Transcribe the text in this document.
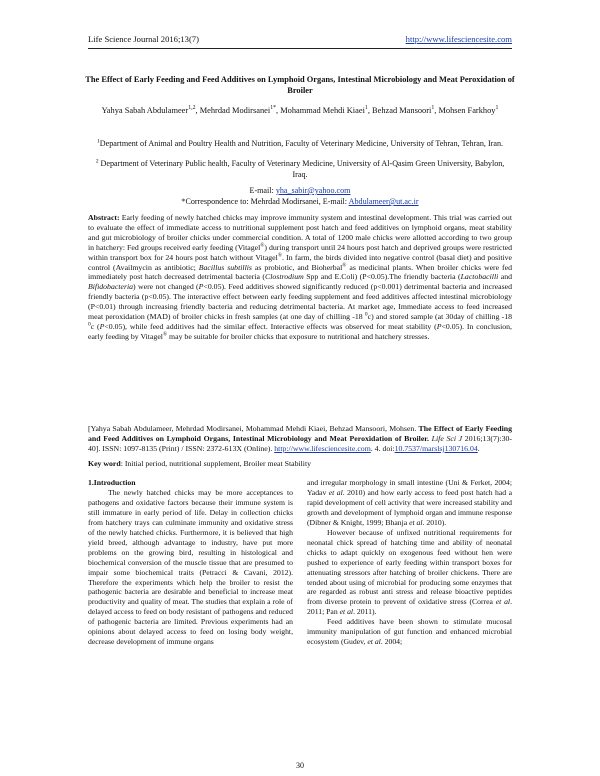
Life Science Journal 2016;13(7)	http://www.lifesciencesite.com
The Effect of Early Feeding and Feed Additives on Lymphoid Organs, Intestinal Microbiology and Meat Peroxidation of Broiler

Yahya Sabah Abdulameer$^{1,2}$, Mehrdad Modirsanei$^{1*}$, Mohammad Mehdi Kiaei$^1$, Behzad Mansoori$^1$, Mohsen Farkhoy$^1$

$^1$Department of Animal and Poultry Health and Nutrition, Faculty of Veterinary Medicine, University of Tehran, Tehran, Iran.

$^2$ Department of Veterinary Public health, Faculty of Veterinary Medicine, University of Al-Qasim Green University, Babylon, Iraq.

E-mail: yha_sabir@yahoo.com
*Correspondence to: Mehrdad Modirsanei, E-mail: Abdulameer@ut.ac.ir

Abstract: Early feeding of newly hatched chicks may improve immunity system and intestinal development. This trial was carried out to evaluate the effect of immediate access to nutritional supplement post hatch and feed additives on lymphoid organs, meat stability and gut microbiology of broiler chicks under commercial condition. A total of 1200 male chicks were allotted according to two group in hatchery: Fed groups received early feeding (Vitagel®) during transport until 24 hours post hatch and deprived groups were restricted within transport box for 24 hours post hatch without Vitagel®. In farm, the birds divided into negative control (basal diet) and positive control (Availmycin as antibiotic; Bacillus subtillis as probiotic, and Bioherbal® as medicinal plants. When broiler chicks were fed immediately post hatch decreased detrimental bacteria (Clostrodium Spp and E.Coli) (P<0.05).The friendly bacteria (Lactobacilli and Bifidobacteria) were not changed (P<0.05). Feed additives showed significantly reduced (p<0.001) detrimental bacteria and increased friendly bacteria (p<0.05). The interactive effect between early feeding supplement and feed additives affected intestinal microbiology (P<0.01) through increasing friendly bacteria and reducing detrimental bacteria. At market age, Immediate access to feed increased meat peroxidation (MAD) of broiler chicks in fresh samples (at one day of chilling -18 $^0$c) and stored sample (at 30day of chilling -18 $^0$c (P<0.05), while feed additives had the similar effect. Interactive effects was observed for meat stability (P<0.05). In conclusion, early feeding by Vitagel® may be suitable for broiler chicks that exposure to nutritional and hatchery stresses.

[Yahya Sabah Abdulameer, Mehrdad Modirsanei, Mohammad Mehdi Kiaei, Behzad Mansoori, Mohsen. The Effect of Early Feeding and Feed Additives on Lymphoid Organs, Intestinal Microbiology and Meat Peroxidation of Broiler. Life Sci J 2016;13(7):30-40]. ISSN: 1097-8135 (Print) / ISSN: 2372-613X (Online). http://www.lifesciencesite.com. 4. doi:10.7537/marslsj130716.04.

Key word: Initial period, nutritional supplement, Broiler meat Stability

1.Introduction

The newly hatched chicks may be more acceptances to pathogens and oxidative factors because their immune system is still immature in early period of life. Delay in collection chicks from hatchery trays can culminate immunity and oxidative stress of the newly hatched chicks. Furthermore, it is believed that high yield breed, although advantage to industry, have put more problems on the growing bird, resulting in histological and biochemical conversion of the muscle tissue that are presumed to impair some biochemical traits (Petracci & Cavani, 2012). Therefore the experiments which help the broiler to resist the pathogenic bacteria are desirable and beneficial to increase meat productivity and quality of meat. The studies that explain a role of delayed access to feed on body resistant of pathogens and reduced of pathogenic bacteria are limited. Previous experiments had an opinions about delayed access to feed on losing body weight, decrease development of immune organs

and irregular morphology in small intestine (Uni & Ferket, 2004; Yadav et al. 2010) and how early access to feed post hatch had a rapid development of cell activity that were increased stability and growth and development of lymphoid organ and immune response (Dibner & Knight, 1999; Bhanja et al. 2010).

However because of unfixed nutritional requirements for neonatal chick spread of hatching time and ability of neonatal chicks to adapt quickly on exogenous feed without hen were pushed to experience of early feeding within transport boxes for attenuating stressors after hatching of broiler chickens. There are tended about using of microbial for producing some enzymes that are regarded as robust anti stress and release bioactive peptides from diverse protein to prevent of oxidative stress (Correa et al. 2011; Pan et al. 2011).

Feed additives have been shown to stimulate mucosal immunity manipulation of gut function and enhanced microbial ecosystem (Gudev, et al. 2004;

30
